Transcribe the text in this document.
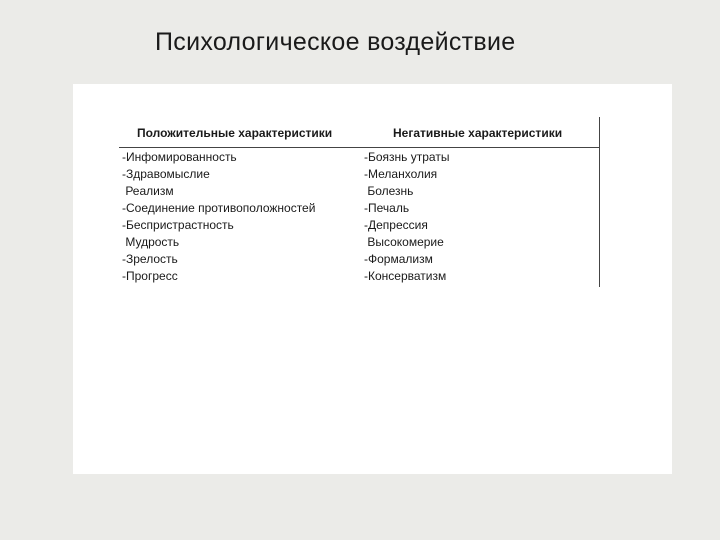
Психологическое воздействие
Положительные характеристики	Негативные характеристики
-Инфомированность
-Здравомыслие
Реализм
-Соединение противоположностей
-Беспристрастность
Мудрость
-Зрелость
-Прогресс
-Боязнь утраты
-Меланхолия
Болезнь
-Печаль
-Депрессия
Высокомерие
-Формализм
-Консерватизм
